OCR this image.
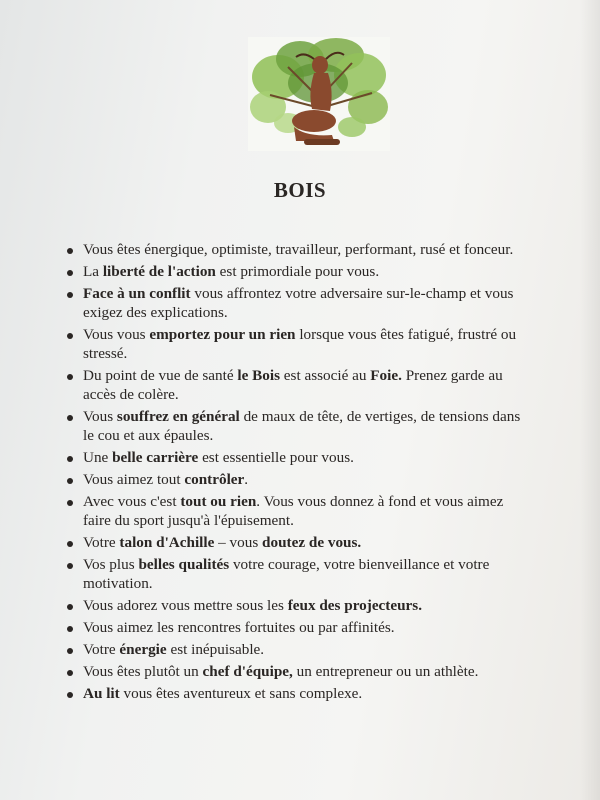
BOIS
Vous êtes énergique, optimiste, travailleur, performant, rusé et fonceur.
La liberté de l'action est primordiale pour vous.
Face à un conflit vous affrontez votre adversaire sur-le-champ et vous exigez des explications.
Vous vous emportez pour un rien lorsque vous êtes fatigué, frustré ou stressé.
Du point de vue de santé le Bois est associé au Foie. Prenez garde au accès de colère.
Vous souffrez en général de maux de tête, de vertiges, de tensions dans le cou et aux épaules.
Une belle carrière est essentielle pour vous.
Vous aimez tout contrôler.
Avec vous c'est tout ou rien. Vous vous donnez à fond et vous aimez faire du sport jusqu'à l'épuisement.
Votre talon d'Achille – vous doutez de vous.
Vos plus belles qualités votre courage, votre bienveillance et votre motivation.
Vous adorez vous mettre sous les feux des projecteurs.
Vous aimez les rencontres fortuites ou par affinités.
Votre énergie est inépuisable.
Vous êtes plutôt un chef d'équipe, un entrepreneur ou un athlète.
Au lit vous êtes aventureux et sans complexe.
